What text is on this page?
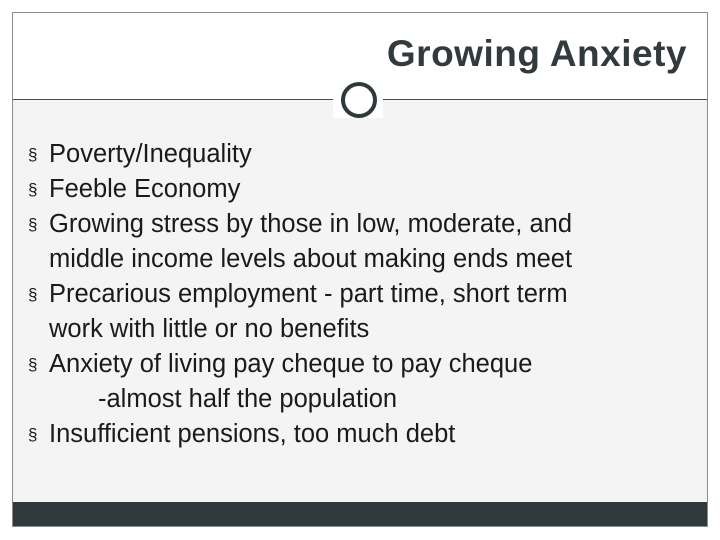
Growing Anxiety
§ Poverty/Inequality
§ Feeble Economy
§ Growing stress by those in low, moderate, and
middle income levels about making ends meet
§ Precarious employment - part time, short term
work with little or no benefits
§ Anxiety of living pay cheque to pay cheque
-almost half the population
§ Insufficient pensions, too much debt
